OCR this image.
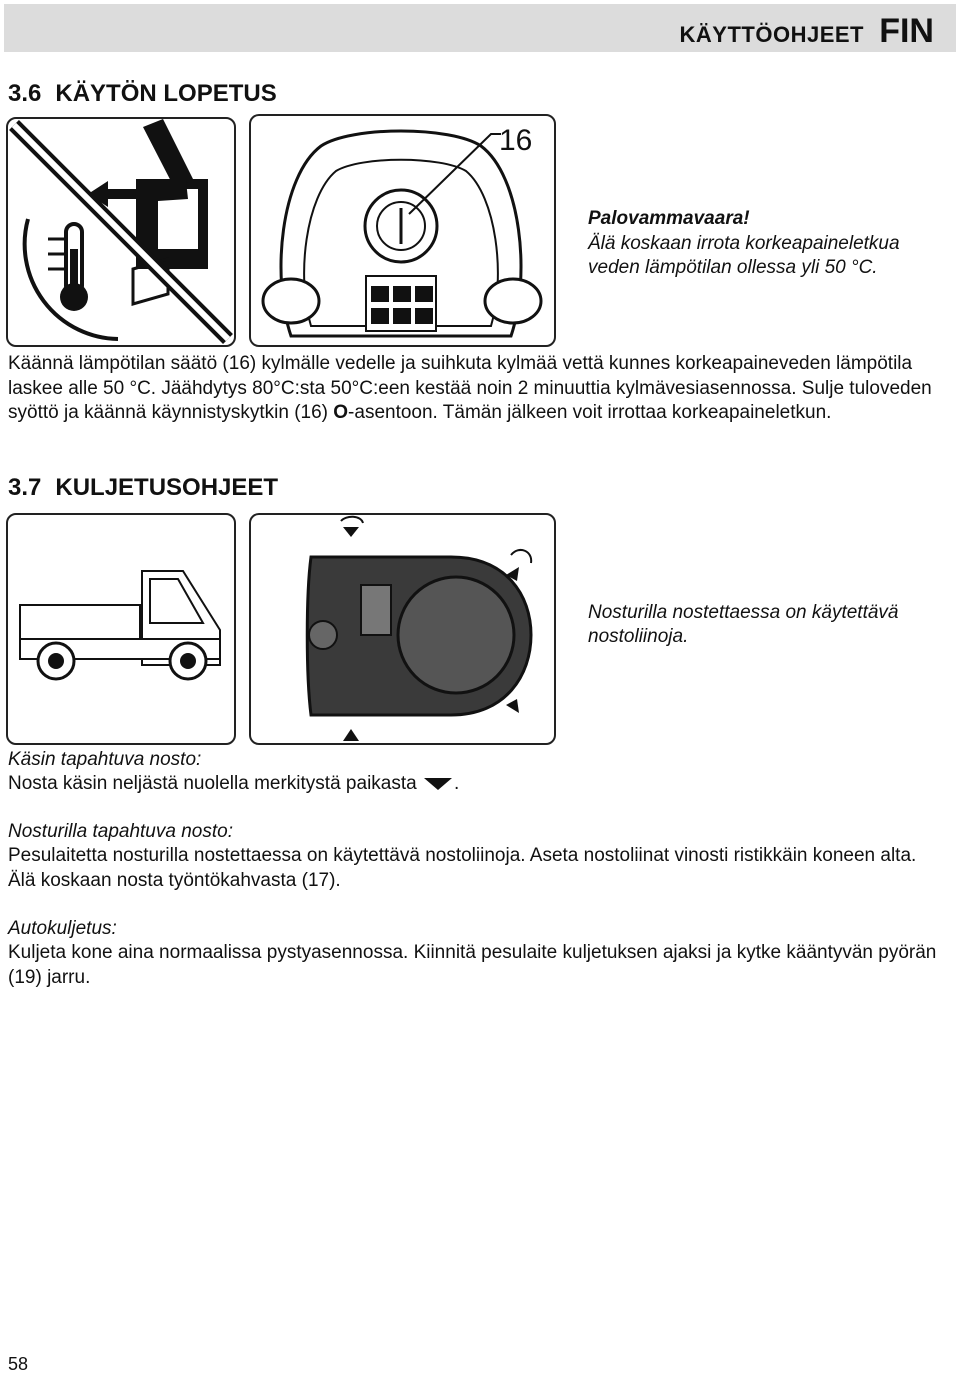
KÄYTTÖOHJEET FIN
3.6 KÄYTÖN LOPETUS
16
Palovammavaara!
Älä koskaan irrota korkeapaineletkua veden lämpötilan ollessa yli 50 °C.

Käännä lämpötilan säätö (16) kylmälle vedelle ja suihkuta kylmää vettä kunnes korkeapaineveden lämpötila laskee alle 50 °C. Jäähdytys 80°C:sta 50°C:een kestää noin 2 minuuttia kylmävesiasennossa. Sulje tuloveden syöttö ja käännä käynnistyskytkin (16) O-asentoon. Tämän jälkeen voit irrottaa korkeapaineletkun.

3.7 KULJETUSOHJEET
Nosturilla nostettaessa on käytettävä nostoliinoja.

Käsin tapahtuva nosto:

Nosta käsin neljästä nuolella merkitystä paikasta .

Nosturilla tapahtuva nosto:

Pesulaitetta nosturilla nostettaessa on käytettävä nostoliinoja. Aseta nostoliinat vinosti ristikkäin koneen alta. Älä koskaan nosta työntökahvasta (17).

Autokuljetus:

Kuljeta kone aina normaalissa pystyasennossa. Kiinnitä pesulaite kuljetuksen ajaksi ja kytke kääntyvän pyörän (19) jarru.

58
